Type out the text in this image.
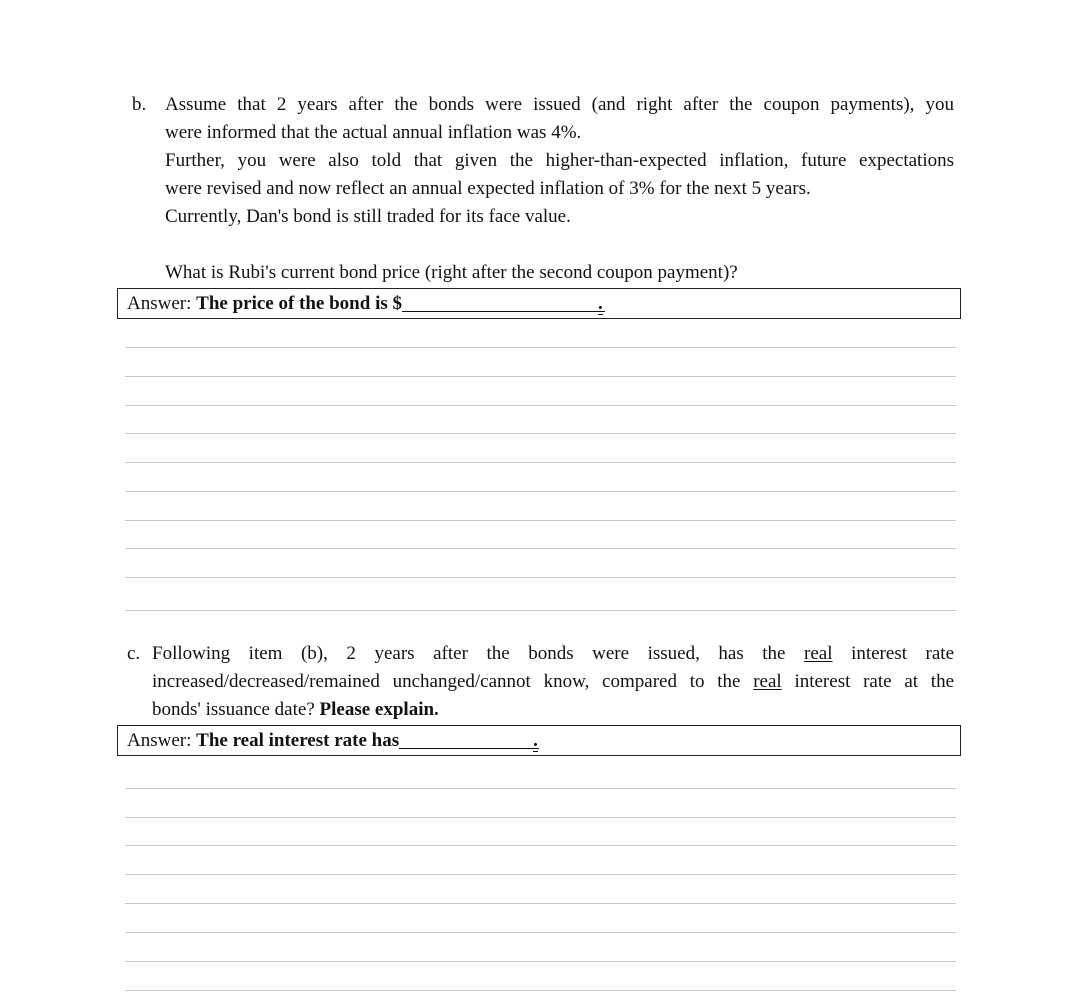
b. Assume that 2 years after the bonds were issued (and right after the coupon payments), you
were informed that the actual annual inflation was 4%.
Further, you were also told that given the higher-than-expected inflation, future expectations
were revised and now reflect an annual expected inflation of 3% for the next 5 years.
Currently, Dan's bond is still traded for its face value.
What is Rubi's current bond price (right after the second coupon payment)?
Answer: The price of the bond is $	.
c. Following item (b), 2 years after the bonds were issued, has the real interest rate
increased/decreased/remained unchanged/cannot know, compared to the real interest rate at the
bonds' issuance date? Please explain.
Answer: The real interest rate has	.
